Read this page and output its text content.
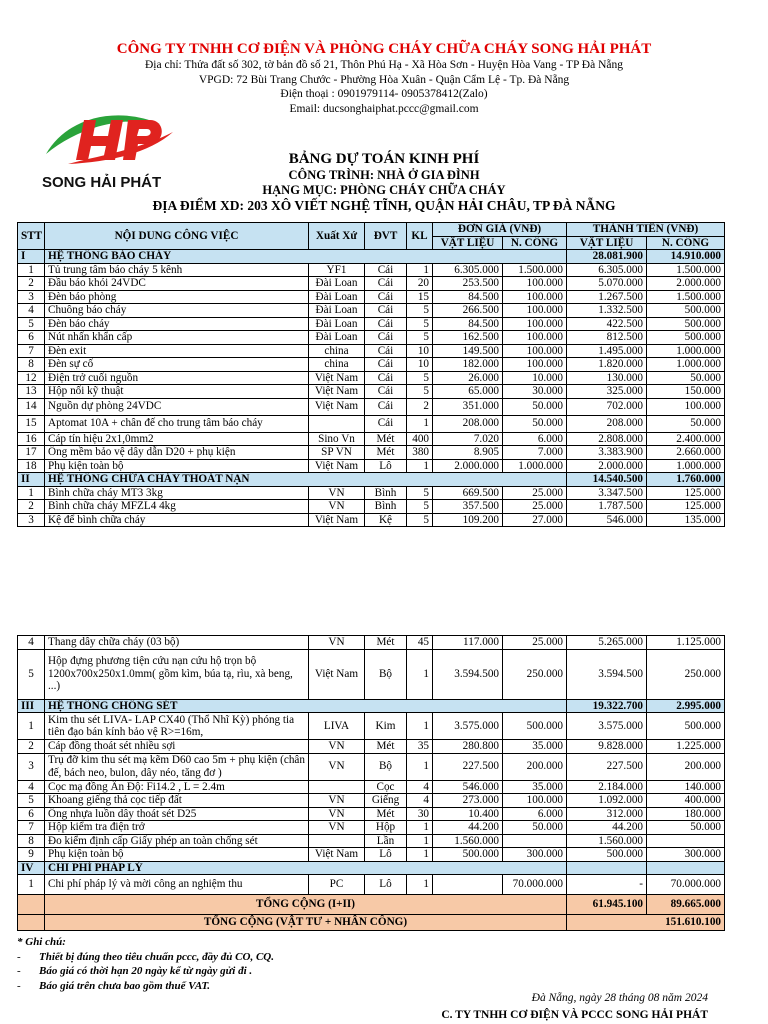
CÔNG TY TNHH CƠ ĐIỆN VÀ PHÒNG CHÁY CHỮA CHÁY SONG HẢI PHÁT
Địa chỉ: Thửa đất số 302, tờ bản đồ số 21, Thôn Phú Hạ - Xã Hòa Sơn - Huyện Hòa Vang - TP Đà Nẵng
VPGD: 72 Bùi Trang Chước - Phường Hòa Xuân - Quận Cẩm Lệ - Tp. Đà Nẵng
Điện thoại : 0901979114- 0905378412(Zalo)
Email: ducsonghaiphat.pccc@gmail.com
SONG HẢI PHÁT
BẢNG DỰ TOÁN KINH PHÍ
CÔNG TRÌNH: NHÀ Ở GIA ĐÌNH
HẠNG MỤC: PHÒNG CHÁY CHỮA CHÁY
ĐỊA ĐIỂM XD: 203 XÔ VIẾT NGHỆ TĨNH, QUẬN HẢI CHÂU, TP ĐÀ NẴNG
STT	NỘI DUNG CÔNG VIỆC	Xuất Xứ	ĐVT	KL	ĐƠN GIÁ (VNĐ)		THÀNH TIỀN (VNĐ)	
					VẬT LIỆU	N. CÔNG	VẬT LIỆU	N. CÔNG
I	HỆ THỐNG BÁO CHÁY						28.081.900	14.910.000
1	Tủ trung tâm báo cháy 5 kênh	YF1	Cái	1	6.305.000	1.500.000	6.305.000	1.500.000
2	Đầu báo khói 24VDC	Đài Loan	Cái	20	253.500	100.000	5.070.000	2.000.000
3	Đèn báo phòng	Đài Loan	Cái	15	84.500	100.000	1.267.500	1.500.000
4	Chuông báo cháy	Đài Loan	Cái	5	266.500	100.000	1.332.500	500.000
5	Đèn báo cháy	Đài Loan	Cái	5	84.500	100.000	422.500	500.000
6	Nút nhấn khẩn cấp	Đài Loan	Cái	5	162.500	100.000	812.500	500.000
7	Đèn exit	china	Cái	10	149.500	100.000	1.495.000	1.000.000
8	Đèn sự cố	china	Cái	10	182.000	100.000	1.820.000	1.000.000
12	Điện trở cuối nguồn	Việt Nam	Cái	5	26.000	10.000	130.000	50.000
13	Hộp nối kỹ thuật	Việt Nam	Cái	5	65.000	30.000	325.000	150.000
14	Nguồn dự phòng 24VDC	Việt Nam	Cái	2	351.000	50.000	702.000	100.000
15	Aptomat 10A + chân đế cho trung tâm báo cháy		Cái	1	208.000	50.000	208.000	50.000
16	Cáp tín hiệu 2x1,0mm2	Sino Vn	Mét	400	7.020	6.000	2.808.000	2.400.000
17	Ống mềm bảo vệ dây dẫn D20 + phụ kiện	SP VN	Mét	380	8.905	7.000	3.383.900	2.660.000
18	Phụ kiện toàn bộ	Việt Nam	Lô	1	2.000.000	1.000.000	2.000.000	1.000.000
II	HỆ THỐNG CHỮA CHÁY THOÁT NẠN						14.540.500	1.760.000
1	Bình chữa cháy MT3 3kg	VN	Bình	5	669.500	25.000	3.347.500	125.000
2	Bình chữa cháy MFZL4 4kg	VN	Bình	5	357.500	25.000	1.787.500	125.000
3	Kệ để bình chữa cháy	Việt Nam	Kệ	5	109.200	27.000	546.000	135.000
4	Thang dây chữa cháy (03 bộ)	VN	Mét	45	117.000	25.000	5.265.000	1.125.000
5	Hộp đựng phương tiện cứu nạn cứu hộ trọn bộ 1200x700x250x1.0mm( gồm kìm, búa tạ, rìu, xà beng, ...)	Việt Nam	Bộ	1	3.594.500	250.000	3.594.500	250.000
III	HỆ THỐNG CHỐNG SÉT						19.322.700	2.995.000
1	Kim thu sét LIVA- LAP CX40 (Thổ Nhĩ Kỳ) phóng tia tiên đạo bán kính bảo vệ R>=16m,	LIVA	Kim	1	3.575.000	500.000	3.575.000	500.000
2	Cáp đồng thoát sét nhiều sợi	VN	Mét	35	280.800	35.000	9.828.000	1.225.000
3	Trụ đỡ kim thu sét mạ kẽm D60 cao 5m + phụ kiện (chân đế, bách neo, bulon, dây néo, tăng đơ )	VN	Bộ	1	227.500	200.000	227.500	200.000
4	Cọc mạ đồng Ấn Độ: Fi14.2 , L = 2.4m		Cọc	4	546.000	35.000	2.184.000	140.000
5	Khoang giếng thả cọc tiếp đất	VN	Giếng	4	273.000	100.000	1.092.000	400.000
6	Ống nhựa luồn dây thoát sét D25	VN	Mét	30	10.400	6.000	312.000	180.000
7	Hộp kiểm tra điện trở	VN	Hộp	1	44.200	50.000	44.200	50.000
8	Đo kiểm định cấp Giấy phép an toàn chống sét		Lần	1	1.560.000		1.560.000	
9	Phụ kiện toàn bộ	Việt Nam	Lô	1	500.000	300.000	500.000	300.000
IV	CHI PHÍ PHÁP LÝ							
1	Chi phí pháp lý và mời công an nghiệm thu	PC	Lô	1		70.000.000	-	70.000.000
	TỔNG CỘNG (I+II)						61.945.100	89.665.000
	TỔNG CỘNG (VẬT TƯ + NHÂN CÔNG)						151.610.100	
* Ghi chú:
- Thiết bị đúng theo tiêu chuẩn pccc, đầy đủ CO, CQ.
- Báo giá có thời hạn 20 ngày kể từ ngày gửi đi .
- Báo giá trên chưa bao gồm thuế VAT.
Đà Nẵng, ngày 28 tháng 08 năm 2024
C. TY TNHH CƠ ĐIỆN VÀ PCCC SONG HẢI PHÁT
